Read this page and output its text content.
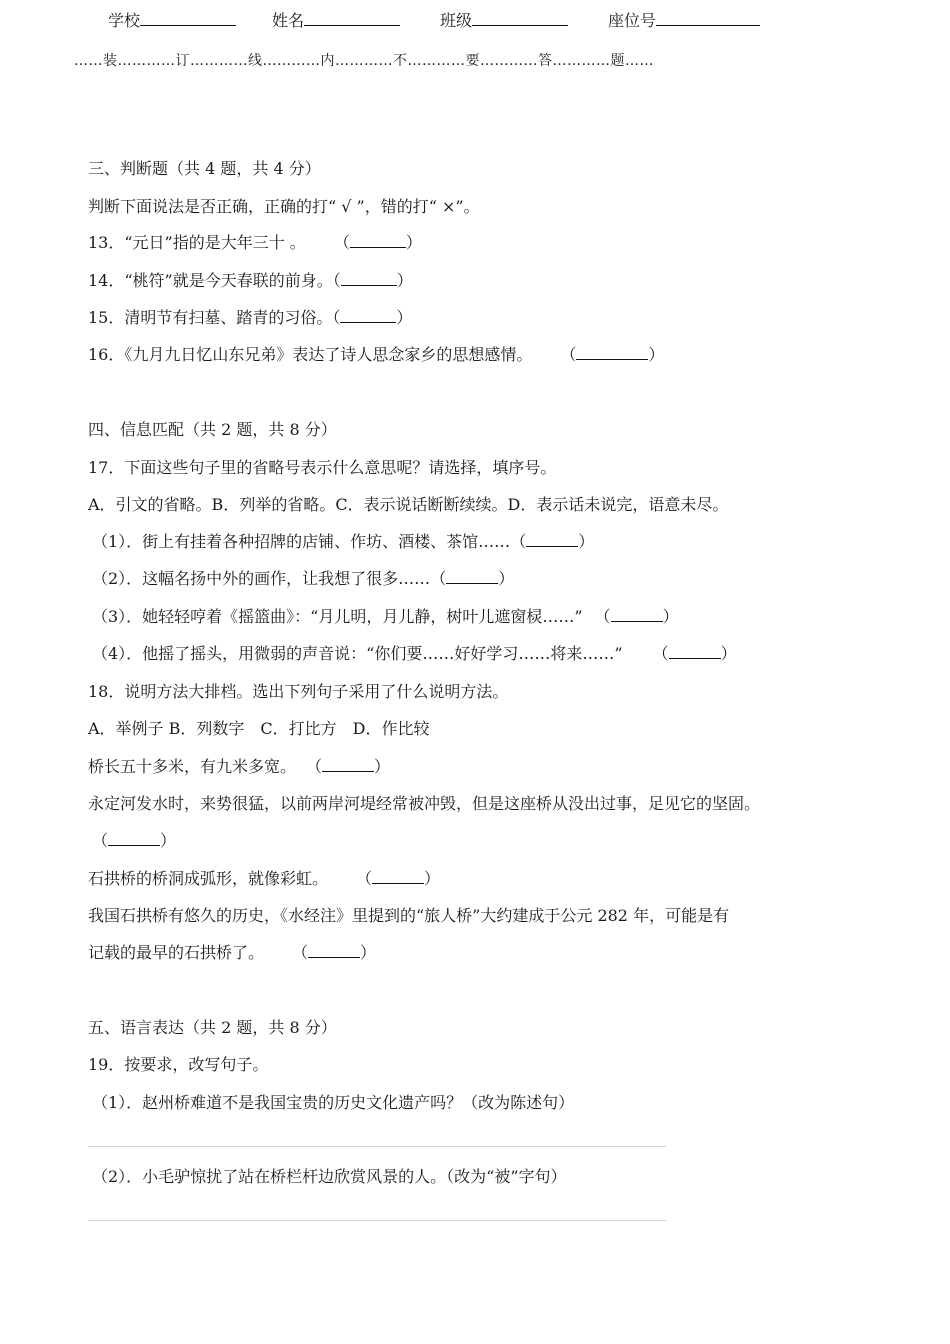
学校	姓名	班级	座位号
……装…………订…………线…………内…………不…………要…………答…………题……
三、判断题（共 4 题，共 4 分）
判断下面说法是否正确，正确的打“ √ ”，错的打“ ×”。
13．“元日”指的是大年三十 。 （	）
14．“桃符”就是今天春联的前身。（	）
15．清明节有扫墓、踏青的习俗。（	）
16．《九月九日忆山东兄弟》表达了诗人思念家乡的思想感情。 （	）
四、信息匹配（共 2 题，共 8 分）
17．下面这些句子里的省略号表示什么意思呢？请选择，填序号。
A．引文的省略。B．列举的省略。C．表示说话断断续续。D．表示话未说完，语意未尽。
（1）．街上有挂着各种招牌的店铺、作坊、酒楼、茶馆……（	）
（2）．这幅名扬中外的画作，让我想了很多……（	）
（3）．她轻轻哼着《摇篮曲》：“月儿明，月儿静，树叶儿遮窗棂……” （	）
（4）．他摇了摇头，用微弱的声音说：“你们要……好好学习……将来……” （	）
18．说明方法大排档。选出下列句子采用了什么说明方法。
A．举例子 B．列数字　C．打比方　D．作比较
桥长五十多米，有九米多宽。 （	）
永定河发水时，来势很猛，以前两岸河堤经常被冲毁，但是这座桥从没出过事，足见它的坚固。
（	）
石拱桥的桥洞成弧形，就像彩虹。 （	）
我国石拱桥有悠久的历史，《水经注》里提到的“旅人桥”大约建成于公元 282 年，可能是有
记载的最早的石拱桥了。 （	）
五、语言表达（共 2 题，共 8 分）
19．按要求，改写句子。
（1）．赵州桥难道不是我国宝贵的历史文化遗产吗？（改为陈述句）
（2）．小毛驴惊扰了站在桥栏杆边欣赏风景的人。（改为“被”字句）
